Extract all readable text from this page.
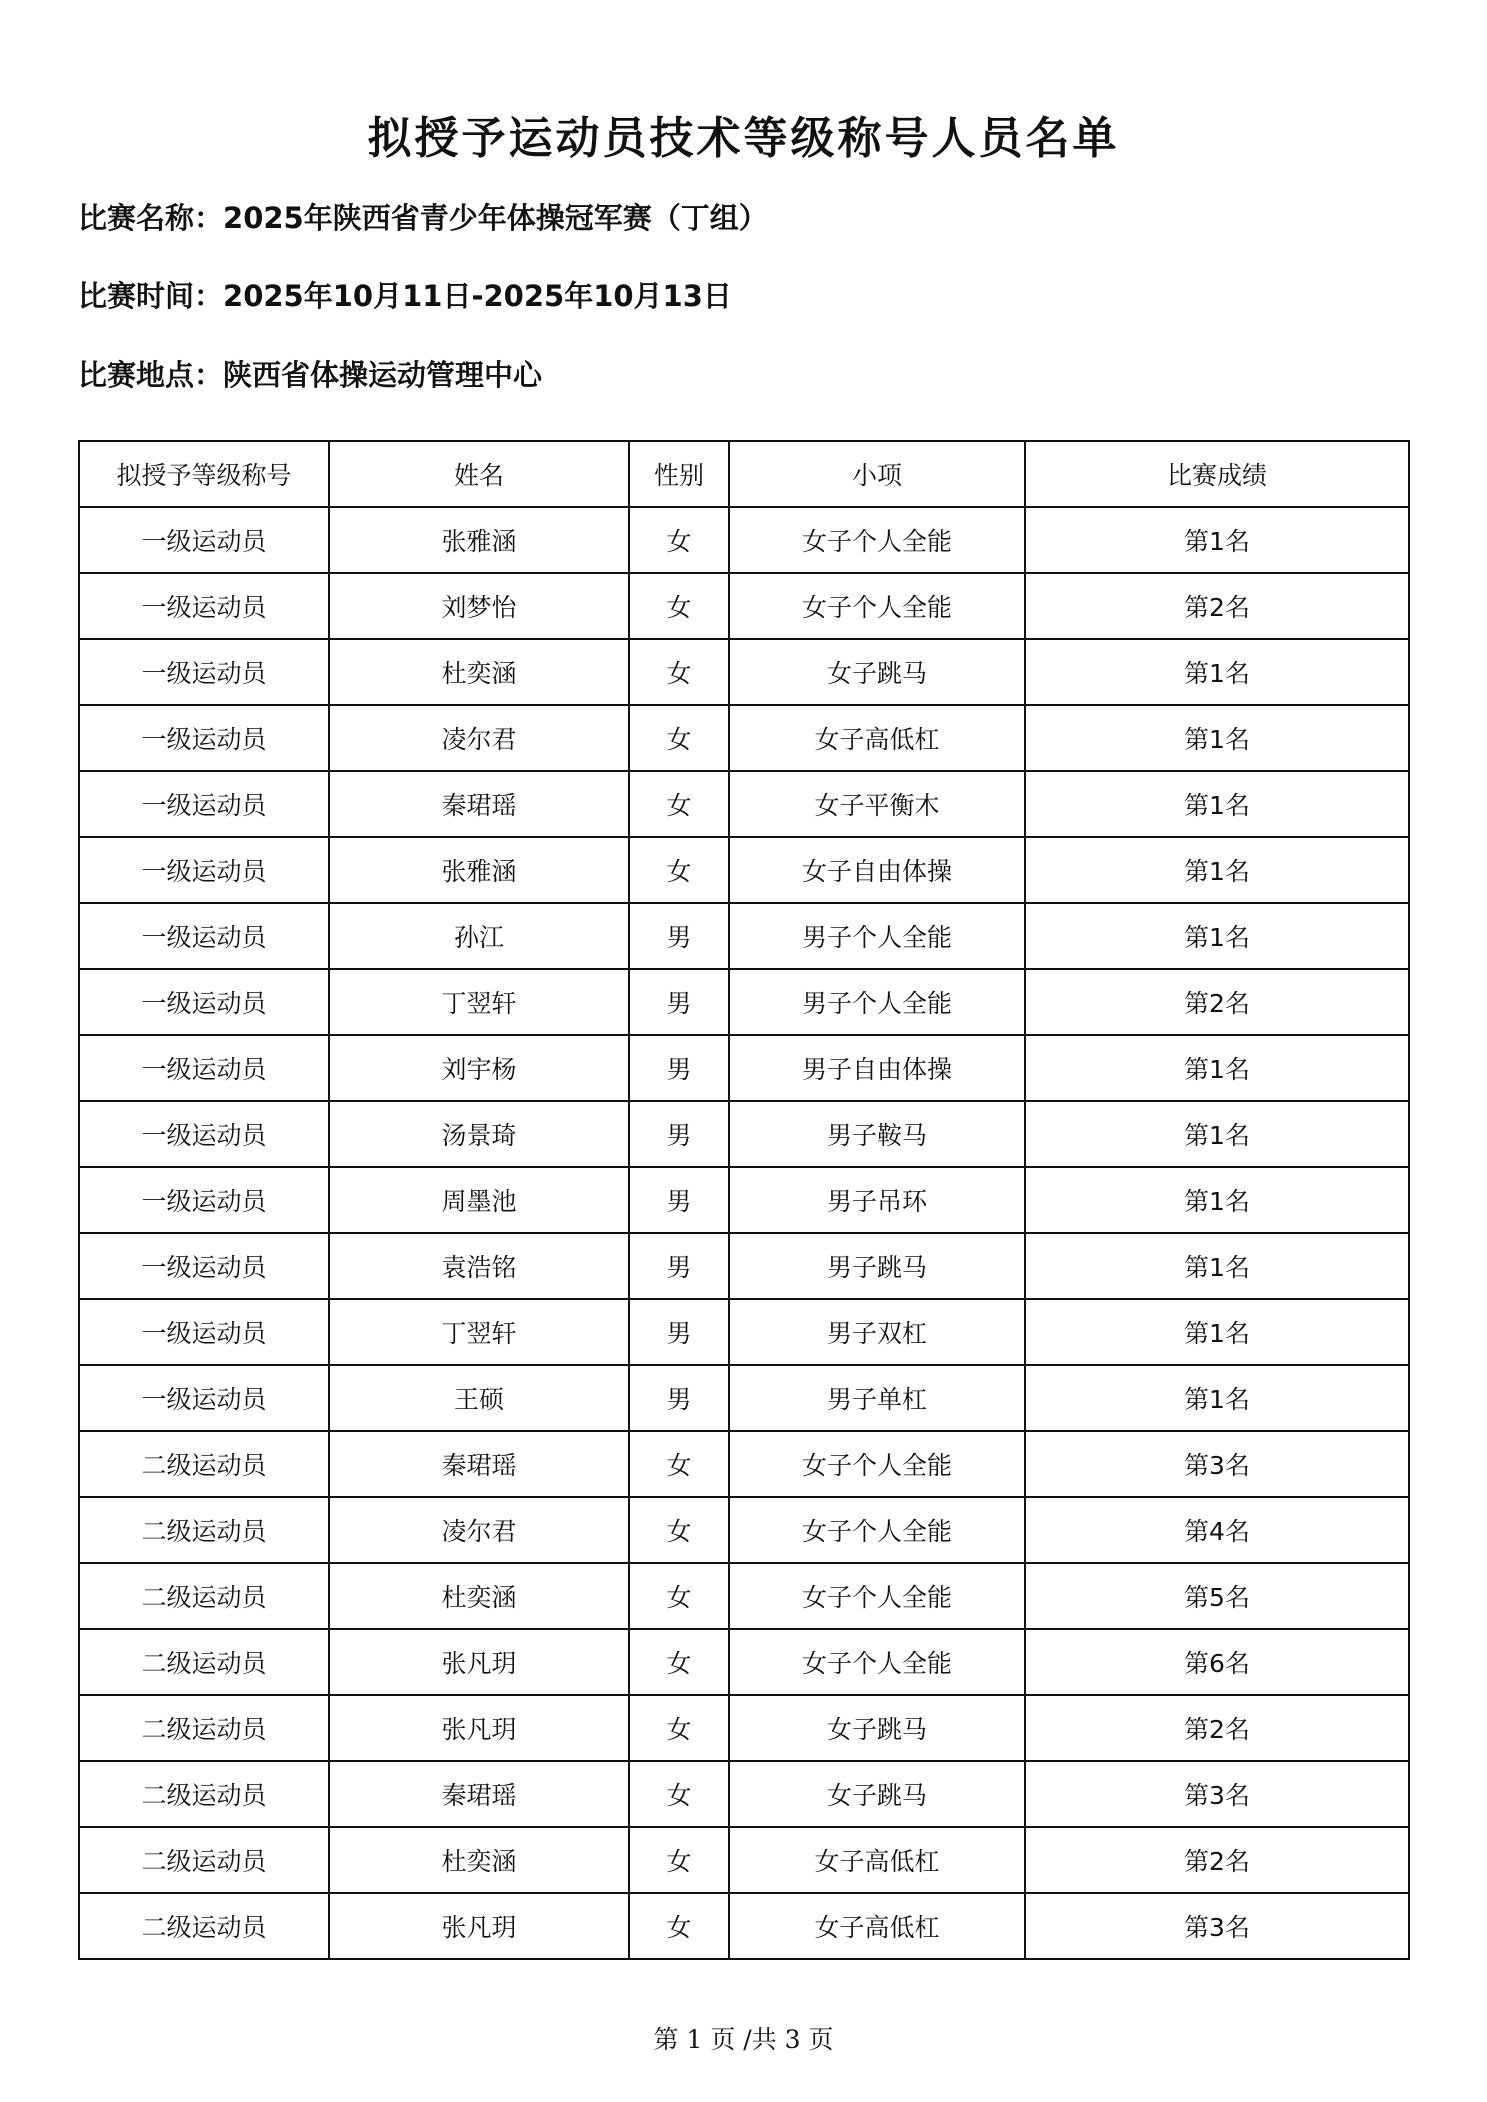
拟授予运动员技术等级称号人员名单
比赛名称：2025年陕西省青少年体操冠军赛（丁组）
比赛时间：2025年10月11日-2025年10月13日
比赛地点：陕西省体操运动管理中心
拟授予等级称号	姓名	性别	小项	比赛成绩
一级运动员	张雅涵	女	女子个人全能	第1名
一级运动员	刘梦怡	女	女子个人全能	第2名
一级运动员	杜奕涵	女	女子跳马	第1名
一级运动员	凌尔君	女	女子高低杠	第1名
一级运动员	秦珺瑶	女	女子平衡木	第1名
一级运动员	张雅涵	女	女子自由体操	第1名
一级运动员	孙江	男	男子个人全能	第1名
一级运动员	丁翌轩	男	男子个人全能	第2名
一级运动员	刘宇杨	男	男子自由体操	第1名
一级运动员	汤景琦	男	男子鞍马	第1名
一级运动员	周墨池	男	男子吊环	第1名
一级运动员	袁浩铭	男	男子跳马	第1名
一级运动员	丁翌轩	男	男子双杠	第1名
一级运动员	王硕	男	男子单杠	第1名
二级运动员	秦珺瑶	女	女子个人全能	第3名
二级运动员	凌尔君	女	女子个人全能	第4名
二级运动员	杜奕涵	女	女子个人全能	第5名
二级运动员	张凡玥	女	女子个人全能	第6名
二级运动员	张凡玥	女	女子跳马	第2名
二级运动员	秦珺瑶	女	女子跳马	第3名
二级运动员	杜奕涵	女	女子高低杠	第2名
二级运动员	张凡玥	女	女子高低杠	第3名
第 1 页 /共 3 页
